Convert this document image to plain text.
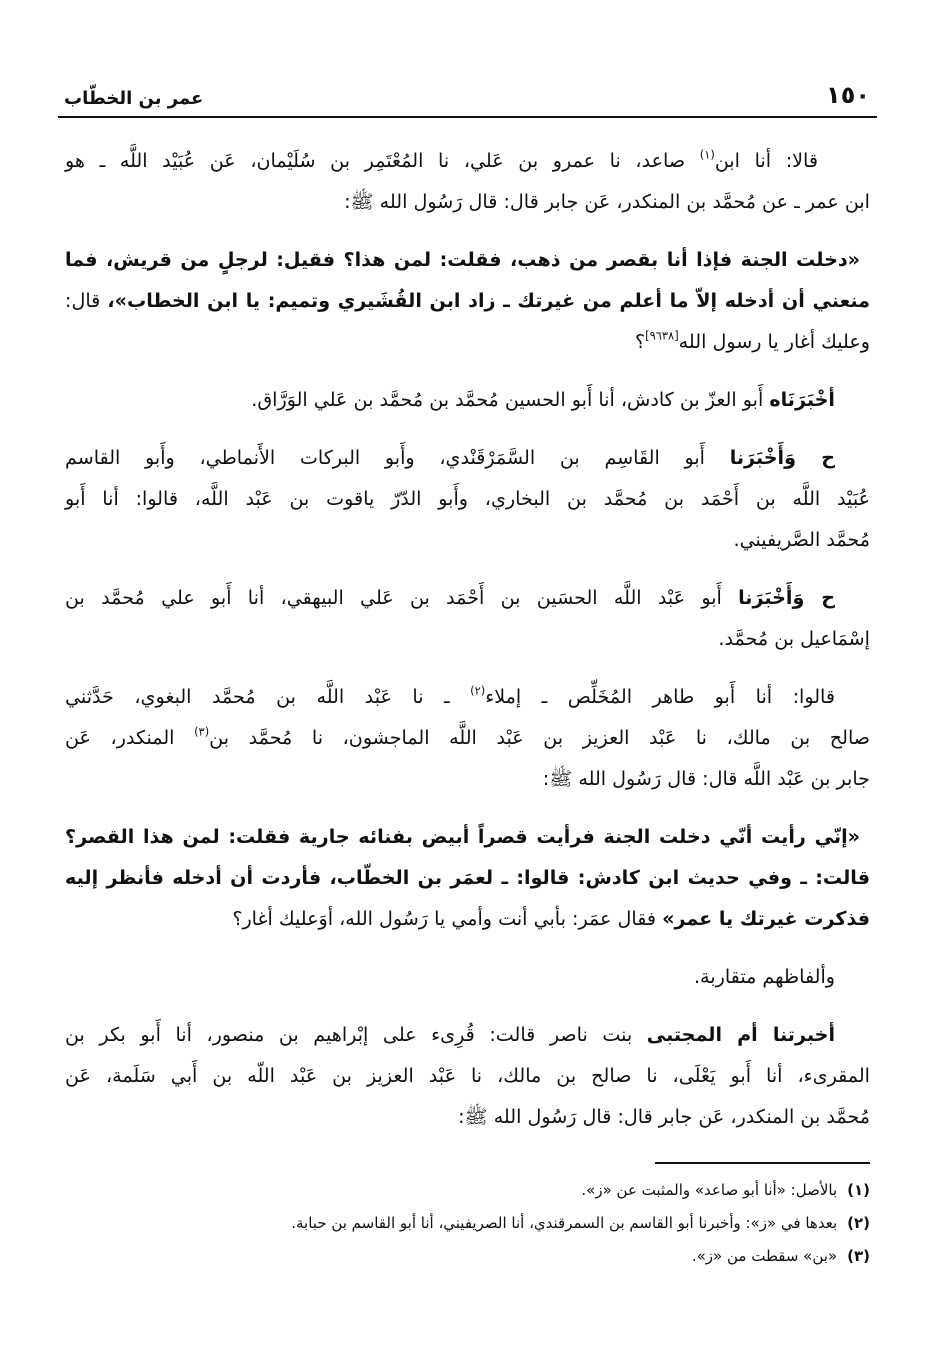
١٥٠
عمر بن الخطّاب
قالا: أنا ابن$^{(١)}$ صاعد، نا عمرو بن عَلي، نا المُعْتَمِر بن سُلَيْمان، عَن عُبَيْد اللَّه ـ هو
ابن عمر ـ عن مُحمَّد بن المنكدر، عَن جابر قال: قال رَسُول الله ﷺ:
«دخلت الجنة فإذا أنا بقصر من ذهب، فقلت: لمن هذا؟ فقيل: لرجلٍ من قريش، فما
منعني أن أدخله إلاّ ما أعلم من غيرتك ـ زاد ابن القُشَيري وتميم: يا ابن الخطاب»، قال:
وعليك أغار يا رسول الله[٩٦٣٨]؟
أخْبَرَنَاه أَبو العزّ بن كادش، أنا أَبو الحسين مُحمَّد بن مُحمَّد بن عَلي الوَرَّاق.
ح وَأَخْبَرَنا أَبو القَاسِم بن السَّمَرْقَنْدي، وأَبو البركات الأَنماطي، وأَبو القاسم
عُبَيْد اللَّه بن أَحْمَد بن مُحمَّد بن البخاري، وأَبو الدّرّ ياقوت بن عَبْد اللَّه، قالوا: أنا أَبو
مُحمَّد الصَّريفيني.
ح وَأَخْبَرَنا أَبو عَبْد اللَّه الحسَين بن أَحْمَد بن عَلي البيهقي، أنا أَبو علي مُحمَّد بن
إسْمَاعيل بن مُحمَّد.
قالوا: أنا أَبو طاهر المُخَلِّص ـ إملاء$^{(٢)}$ ـ نا عَبْد اللَّه بن مُحمَّد البغوي، حَدَّثني
صالح بن مالك، نا عَبْد العزيز بن عَبْد اللَّه الماجشون، نا مُحمَّد بن$^{(٣)}$ المنكدر، عَن
جابر بن عَبْد اللَّه قال: قال رَسُول الله ﷺ:
«إنّي رأيت أنّي دخلت الجنة فرأيت قصراً أبيض بفنائه جارية فقلت: لمن هذا القصر؟
قالت: ـ وفي حديث ابن كادش: قالوا: ـ لعمَر بن الخطّاب، فأردت أن أدخله فأنظر إليه
فذكرت غيرتك يا عمر» فقال عمَر: بأبي أنت وأمي يا رَسُول الله، أوَعليك أغار؟
وألفاظهم متقاربة.
أخبرتنا أم المجتبى بنت ناصر قالت: قُرِىء على إبْراهيم بن منصور، أنا أَبو بكر بن
المقرىء، أنا أَبو يَعْلَى، نا صالح بن مالك، نا عَبْد العزيز بن عَبْد اللّه بن أَبي سَلَمة، عَن
مُحمَّد بن المنكدر، عَن جابر قال: قال رَسُول الله ﷺ:
(١)بالأصل: «أنا أبو صاعد» والمثبت عن «ز».
(٢)بعدها في «ز»: وأخبرنا أبو القاسم بن السمرقندي، أنا الصريفيني، أنا أبو القاسم بن حبابة.
(٣)«بن» سقطت من «ز».
